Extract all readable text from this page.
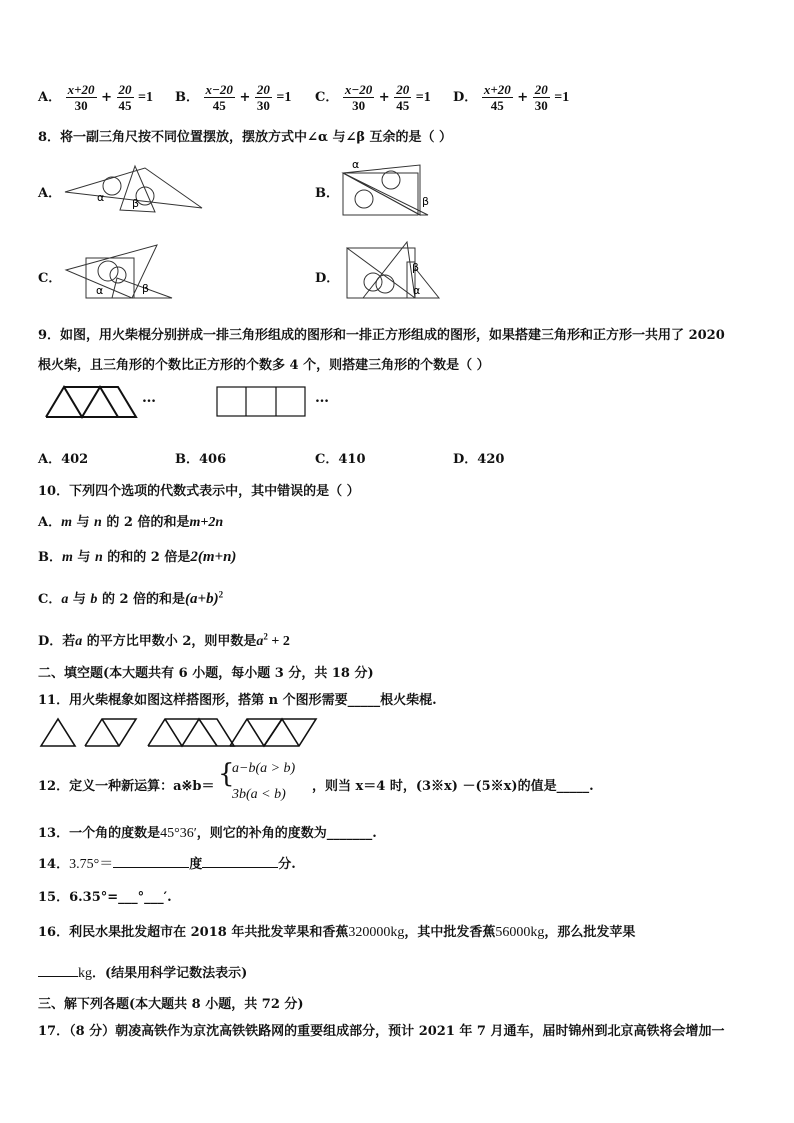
A． $\frac{x+20}{30} + \frac{20}{45} =1$ B． $\frac{x-20}{45} + \frac{20}{30} =1$ C． $\frac{x-20}{30} + \frac{20}{45} =1$ D． $\frac{x+20}{45} + \frac{20}{30} =1$
8．将一副三角尺按不同位置摆放，摆放方式中∠α 与∠β 互余的是（ ）
A．	α	β
B．
α
β
C．
α	β
D．
β
α
9．如图，用火柴棍分别拼成一排三角形组成的图形和一排正方形组成的图形，如果搭建三角形和正方形一共用了 2020
根火柴，且三角形的个数比正方形的个数多 4 个，则搭建三角形的个数是（ ）
…	…
A．402	B．406	C．410	D．420
10．下列四个选项的代数式表示中，其中错误的是（ ）
A．m 与 n 的 2 倍的和是m+2n
B．m 与 n 的和的 2 倍是2(m+n)
C．a 与 b 的 2 倍的和是$(a+b)^2$
D．若a 的平方比甲数小 2，则甲数是$a^2 + 2$
二、填空题(本大题共有 6 小题，每小题 3 分，共 18 分)
11．用火柴棍象如图这样搭图形，搭第 n 个图形需要_____根火柴棍.
12．定义一种新运算：a※b＝ {
a−b(a > b)
3b(a < b)
，则当 x＝4 时，(3※x) －(5※x)的值是_____.
13．一个角的度数是45°36′，则它的补角的度数为_______.
14．3.75°＝	度	分.
15．6.35°=___°___′.
16．利民水果批发超市在 2018 年共批发苹果和香蕉320000kg，其中批发香蕉56000kg，那么批发苹果
kg．(结果用科学记数法表示)
三、解下列各题(本大题共 8 小题，共 72 分)
17．（8 分）朝凌高铁作为京沈高铁铁路网的重要组成部分，预计 2021 年 7 月通车，届时锦州到北京高铁将会增加一
